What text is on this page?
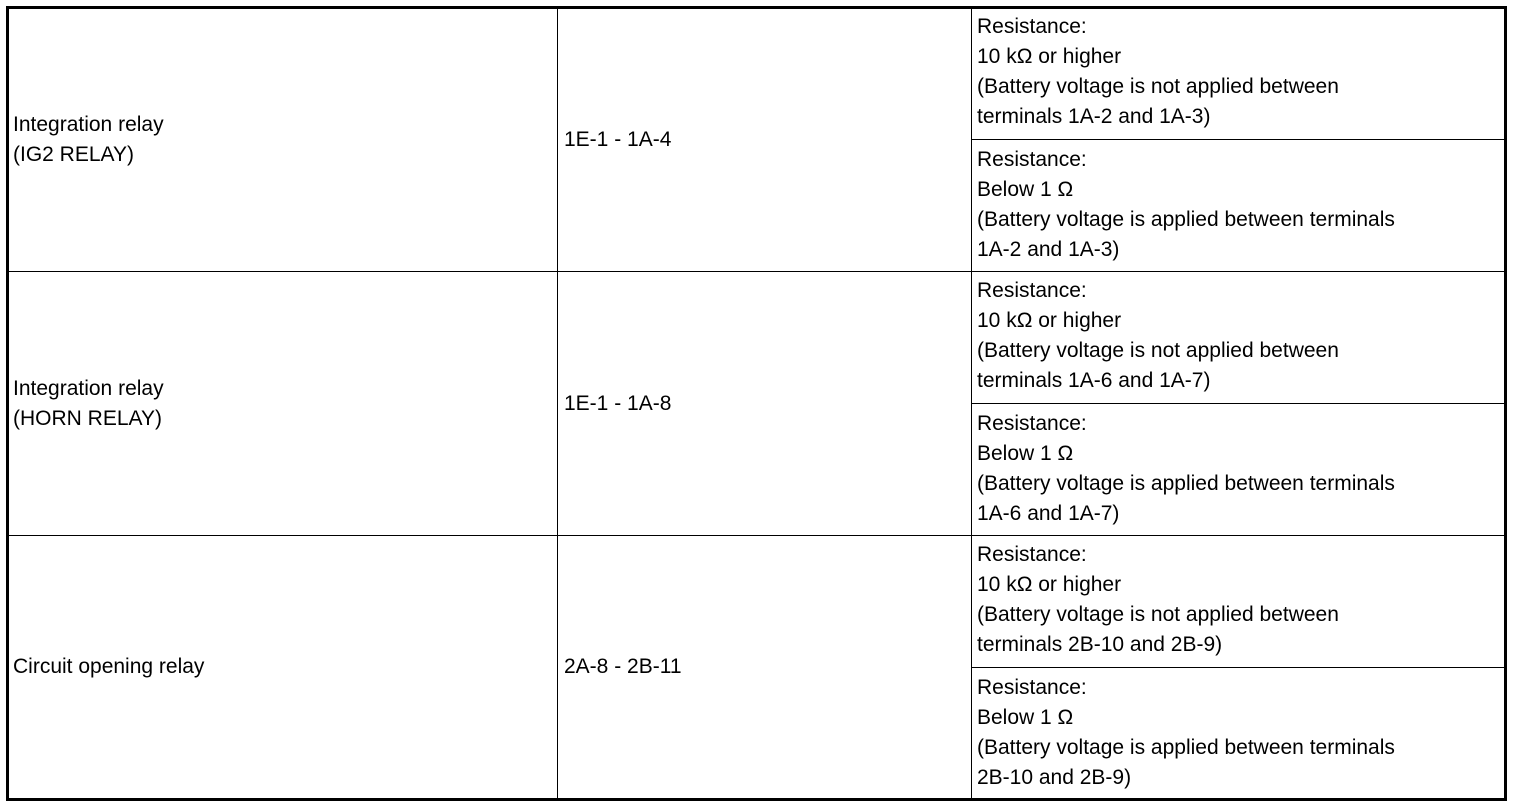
Integration relay
(IG2 RELAY)
1E-1 - 1A-4
Resistance:
10 kΩ or higher
(Battery voltage is not applied between
terminals 1A-2 and 1A-3)
Resistance:
Below 1 Ω
(Battery voltage is applied between terminals
1A-2 and 1A-3)
Integration relay
(HORN RELAY)
1E-1 - 1A-8
Resistance:
10 kΩ or higher
(Battery voltage is not applied between
terminals 1A-6 and 1A-7)
Resistance:
Below 1 Ω
(Battery voltage is applied between terminals
1A-6 and 1A-7)
Circuit opening relay	2A-8 - 2B-11
Resistance:
10 kΩ or higher
(Battery voltage is not applied between
terminals 2B-10 and 2B-9)
Resistance:
Below 1 Ω
(Battery voltage is applied between terminals
2B-10 and 2B-9)
